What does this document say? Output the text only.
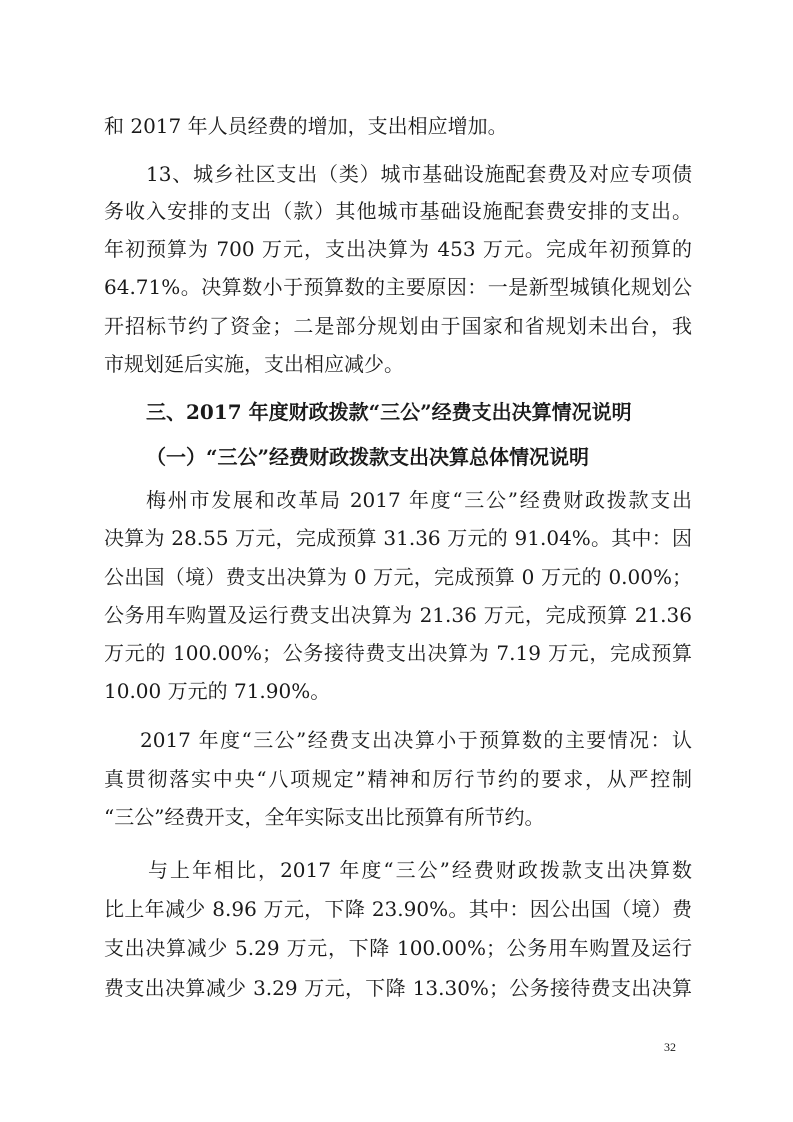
和 2017 年人员经费的增加，支出相应增加。
13、城乡社区支出（类）城市基础设施配套费及对应专项债
务收入安排的支出（款）其他城市基础设施配套费安排的支出。
年初预算为 700 万元，支出决算为 453 万元。完成年初预算的
64.71%。决算数小于预算数的主要原因：一是新型城镇化规划公
开招标节约了资金；二是部分规划由于国家和省规划未出台，我
市规划延后实施，支出相应减少。
三、2017 年度财政拨款“三公”经费支出决算情况说明
（一）“三公”经费财政拨款支出决算总体情况说明
梅州市发展和改革局 2017 年度“三公”经费财政拨款支出
决算为 28.55 万元，完成预算 31.36 万元的 91.04%。其中：因
公出国（境）费支出决算为 0 万元，完成预算 0 万元的 0.00%；
公务用车购置及运行费支出决算为 21.36 万元，完成预算 21.36
万元的 100.00%；公务接待费支出决算为 7.19 万元，完成预算
10.00 万元的 71.90%。
2017 年度“三公”经费支出决算小于预算数的主要情况：认
真贯彻落实中央“八项规定”精神和厉行节约的要求，从严控制
“三公”经费开支，全年实际支出比预算有所节约。
与上年相比，2017 年度“三公”经费财政拨款支出决算数
比上年减少 8.96 万元，下降 23.90%。其中：因公出国（境）费
支出决算减少 5.29 万元，下降 100.00%；公务用车购置及运行
费支出决算减少 3.29 万元，下降 13.30%；公务接待费支出决算
32
